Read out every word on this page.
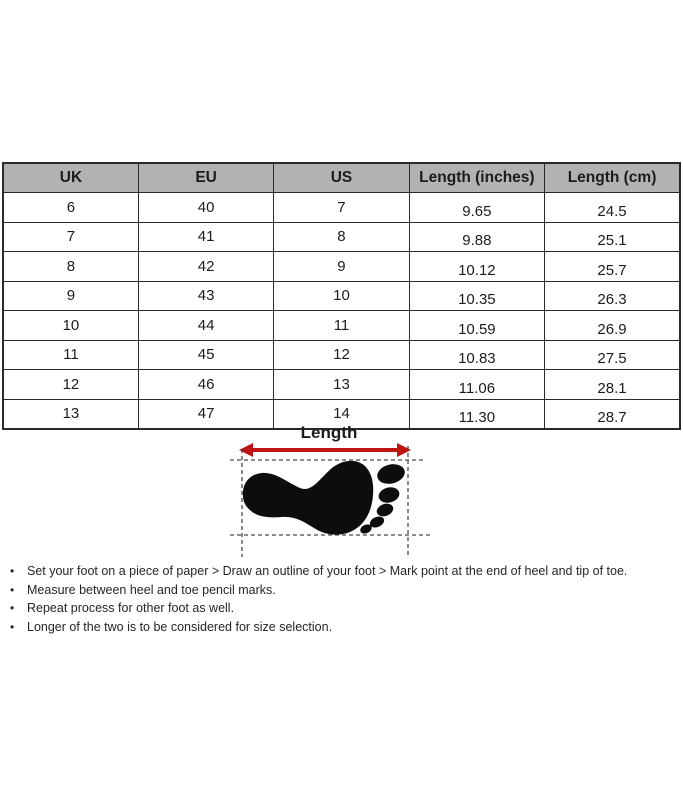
UK	EU	US	Length (inches)	Length (cm)
6	40	7	9.65	24.5
7	41	8	9.88	25.1
8	42	9	10.12	25.7
9	43	10	10.35	26.3
10	44	11	10.59	26.9
11	45	12	10.83	27.5
12	46	13	11.06	28.1
13	47	14	11.30	28.7
Length
• Set your foot on a piece of paper > Draw an outline of your foot > Mark point at the end of heel and tip of toe.
• Measure between heel and toe pencil marks.
• Repeat process for other foot as well.
• Longer of the two is to be considered for size selection.
